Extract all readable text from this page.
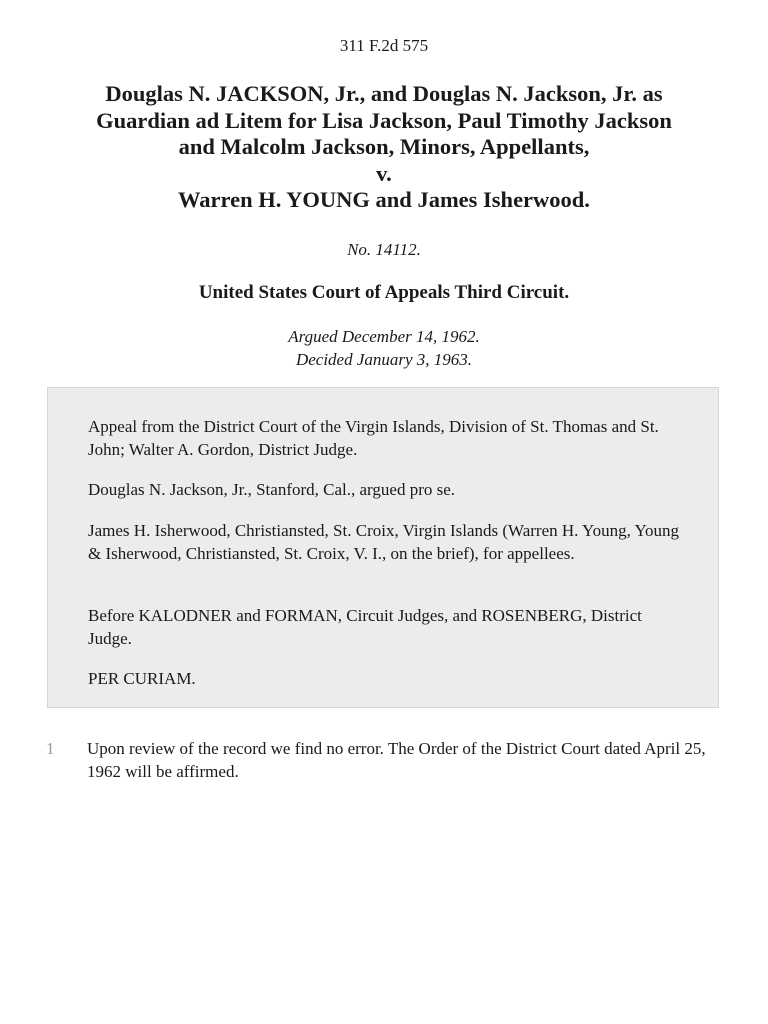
311 F.2d 575
Douglas N. JACKSON, Jr., and Douglas N. Jackson, Jr. as
Guardian ad Litem for Lisa Jackson, Paul Timothy Jackson
and Malcolm Jackson, Minors, Appellants,
v.
Warren H. YOUNG and James Isherwood.
No. 14112.
United States Court of Appeals Third Circuit.
Argued December 14, 1962.
Decided January 3, 1963.

Appeal from the District Court of the Virgin Islands, Division of St. Thomas and St. John; Walter A. Gordon, District Judge.

Douglas N. Jackson, Jr., Stanford, Cal., argued pro se.

James H. Isherwood, Christiansted, St. Croix, Virgin Islands (Warren H. Young, Young & Isherwood, Christiansted, St. Croix, V. I., on the brief), for appellees.

Before KALODNER and FORMAN, Circuit Judges, and ROSENBERG, District Judge.

PER CURIAM.

1 Upon review of the record we find no error. The Order of the District Court dated April 25, 1962 will be affirmed.
